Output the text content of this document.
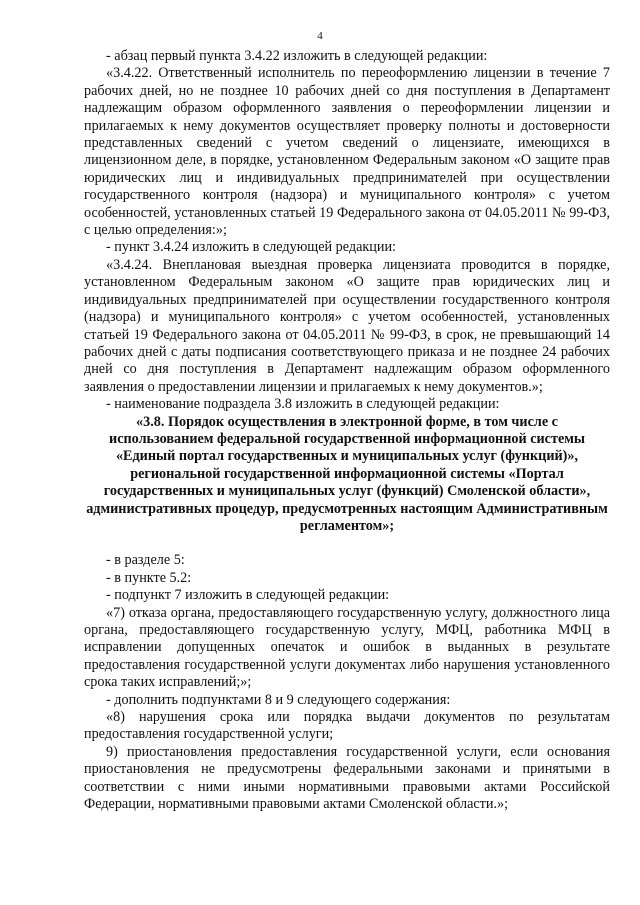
4

- абзац первый пункта 3.4.22 изложить в следующей редакции:

«3.4.22. Ответственный исполнитель по переоформлению лицензии в течение 7 рабочих дней, но не позднее 10 рабочих дней со дня поступления в Департамент надлежащим образом оформленного заявления о переоформлении лицензии и прилагаемых к нему документов осуществляет проверку полноты и достоверности представленных сведений с учетом сведений о лицензиате, имеющихся в лицензионном деле, в порядке, установленном Федеральным законом «О защите прав юридических лиц и индивидуальных предпринимателей при осуществлении государственного контроля (надзора) и муниципального контроля» с учетом особенностей, установленных статьей 19 Федерального закона от 04.05.2011 № 99-ФЗ, с целью определения:»;

- пункт 3.4.24 изложить в следующей редакции:

«3.4.24. Внеплановая выездная проверка лицензиата проводится в порядке, установленном Федеральным законом «О защите прав юридических лиц и индивидуальных предпринимателей при осуществлении государственного контроля (надзора) и муниципального контроля» с учетом особенностей, установленных статьей 19 Федерального закона от 04.05.2011 № 99-ФЗ, в срок, не превышающий 14 рабочих дней с даты подписания соответствующего приказа и не позднее 24 рабочих дней со дня поступления в Департамент надлежащим образом оформленного заявления о предоставлении лицензии и прилагаемых к нему документов.»;

- наименование подраздела 3.8 изложить в следующей редакции:

«3.8. Порядок осуществления в электронной форме, в том числе с использованием федеральной государственной информационной системы «Единый портал государственных и муниципальных услуг (функций)», региональной государственной информационной системы «Портал государственных и муниципальных услуг (функций) Смоленской области», административных процедур, предусмотренных настоящим Административным регламентом»;

- в разделе 5:

- в пункте 5.2:

- подпункт 7 изложить в следующей редакции:

«7) отказа органа, предоставляющего государственную услугу, должностного лица органа, предоставляющего государственную услугу, МФЦ, работника МФЦ в исправлении допущенных опечаток и ошибок в выданных в результате предоставления государственной услуги документах либо нарушения установленного срока таких исправлений;»;

- дополнить подпунктами 8 и 9 следующего содержания:

«8) нарушения срока или порядка выдачи документов по результатам предоставления государственной услуги;

9) приостановления предоставления государственной услуги, если основания приостановления не предусмотрены федеральными законами и принятыми в соответствии с ними иными нормативными правовыми актами Российской Федерации, нормативными правовыми актами Смоленской области.»;
